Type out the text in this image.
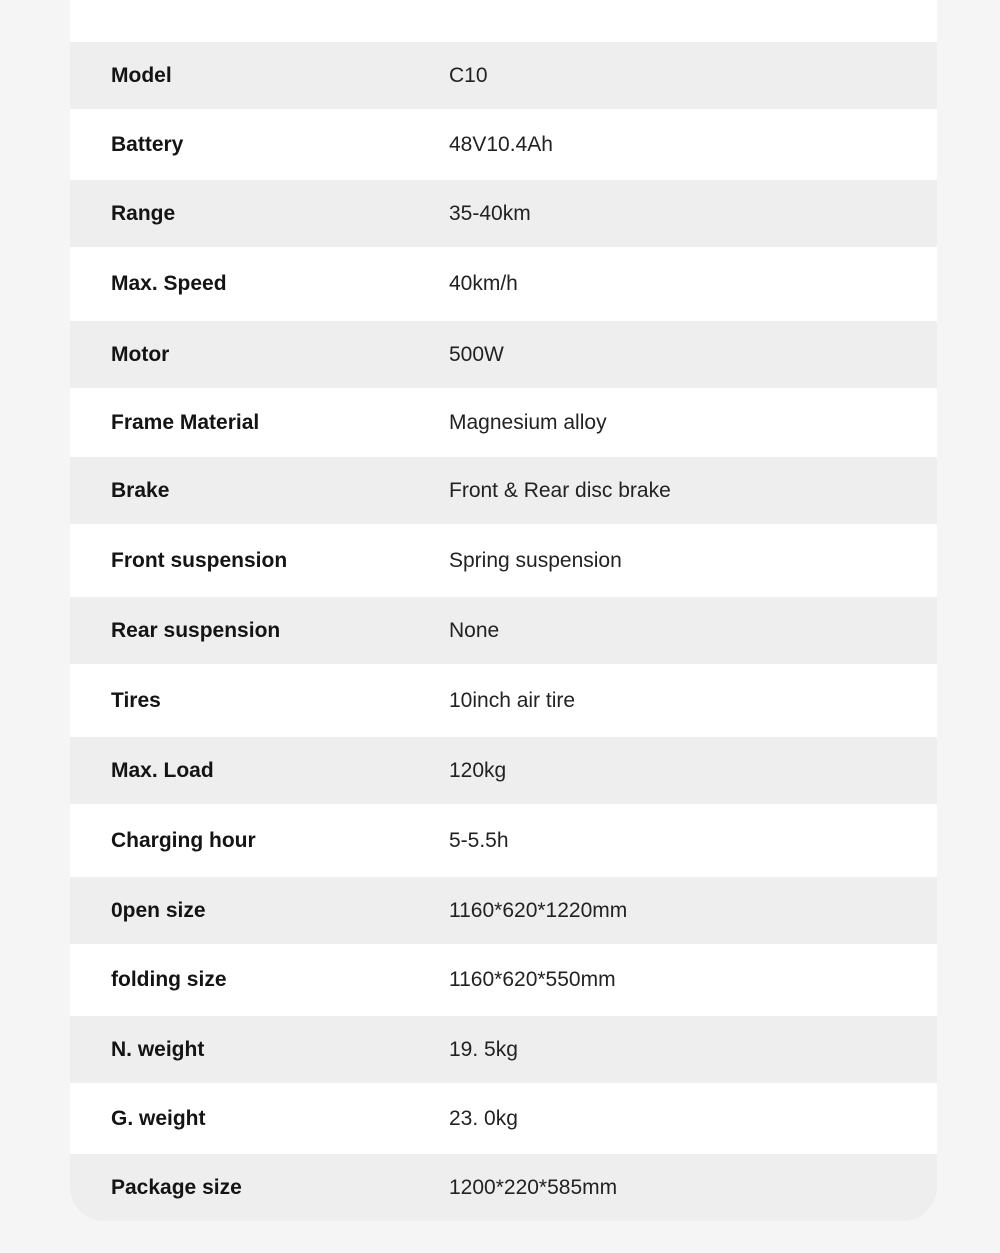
Model	C10
Battery	48V10.4Ah
Range	35-40km
Max. Speed	40km/h
Motor	500W
Frame Material	Magnesium alloy
Brake	Front & Rear disc brake
Front suspension	Spring suspension
Rear suspension	None
Tires	10inch air tire
Max. Load	120kg
Charging hour	5-5.5h
0pen size	1160*620*1220mm
folding size	1160*620*550mm
N. weight	19. 5kg
G. weight	23. 0kg
Package size	1200*220*585mm
